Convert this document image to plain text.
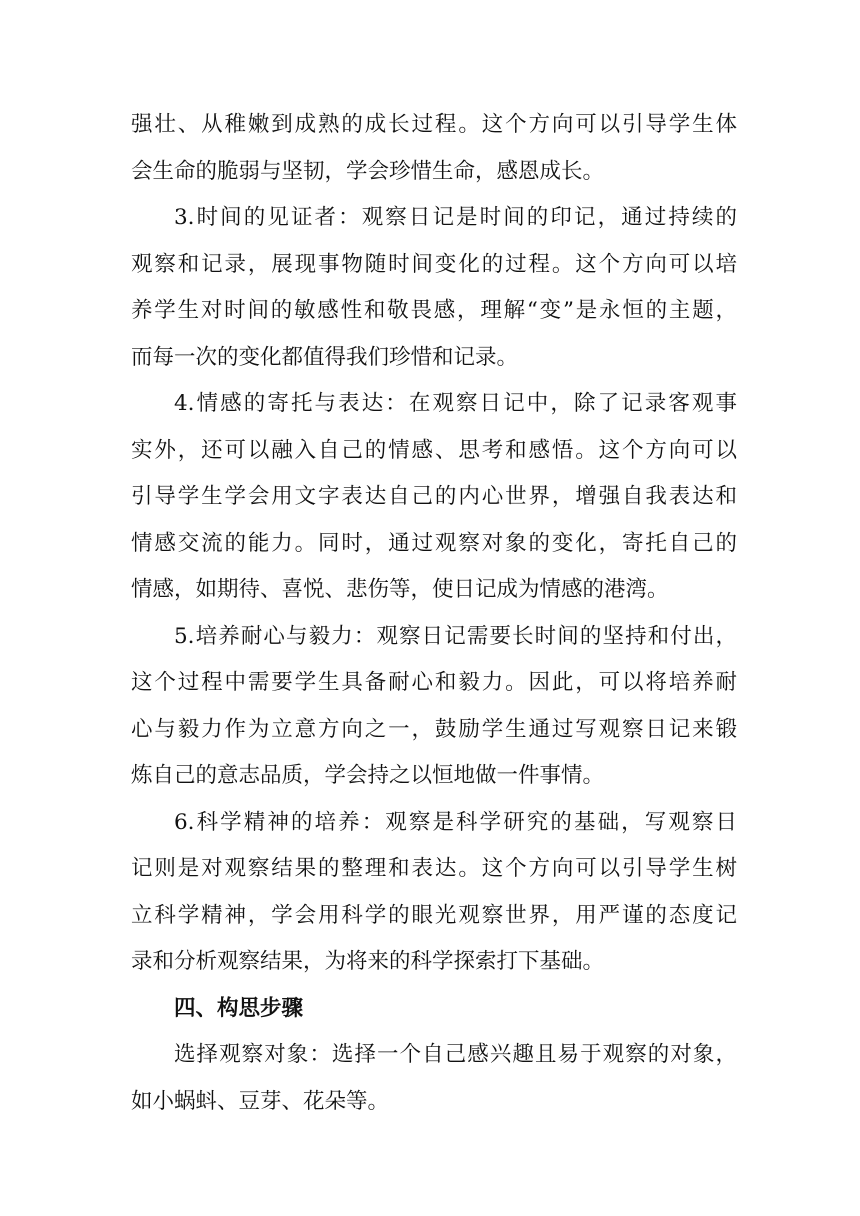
强壮、从稚嫩到成熟的成长过程。这个方向可以引导学生体
会生命的脆弱与坚韧，学会珍惜生命，感恩成长。
3.时间的见证者：观察日记是时间的印记，通过持续的
观察和记录，展现事物随时间变化的过程。这个方向可以培
养学生对时间的敏感性和敬畏感，理解“变”是永恒的主题，
而每一次的变化都值得我们珍惜和记录。
4.情感的寄托与表达：在观察日记中，除了记录客观事
实外，还可以融入自己的情感、思考和感悟。这个方向可以
引导学生学会用文字表达自己的内心世界，增强自我表达和
情感交流的能力。同时，通过观察对象的变化，寄托自己的
情感，如期待、喜悦、悲伤等，使日记成为情感的港湾。
5.培养耐心与毅力：观察日记需要长时间的坚持和付出，
这个过程中需要学生具备耐心和毅力。因此，可以将培养耐
心与毅力作为立意方向之一，鼓励学生通过写观察日记来锻
炼自己的意志品质，学会持之以恒地做一件事情。
6.科学精神的培养：观察是科学研究的基础，写观察日
记则是对观察结果的整理和表达。这个方向可以引导学生树
立科学精神，学会用科学的眼光观察世界，用严谨的态度记
录和分析观察结果，为将来的科学探索打下基础。
四、构思步骤
选择观察对象：选择一个自己感兴趣且易于观察的对象，
如小蜗蚪、豆芽、花朵等。
